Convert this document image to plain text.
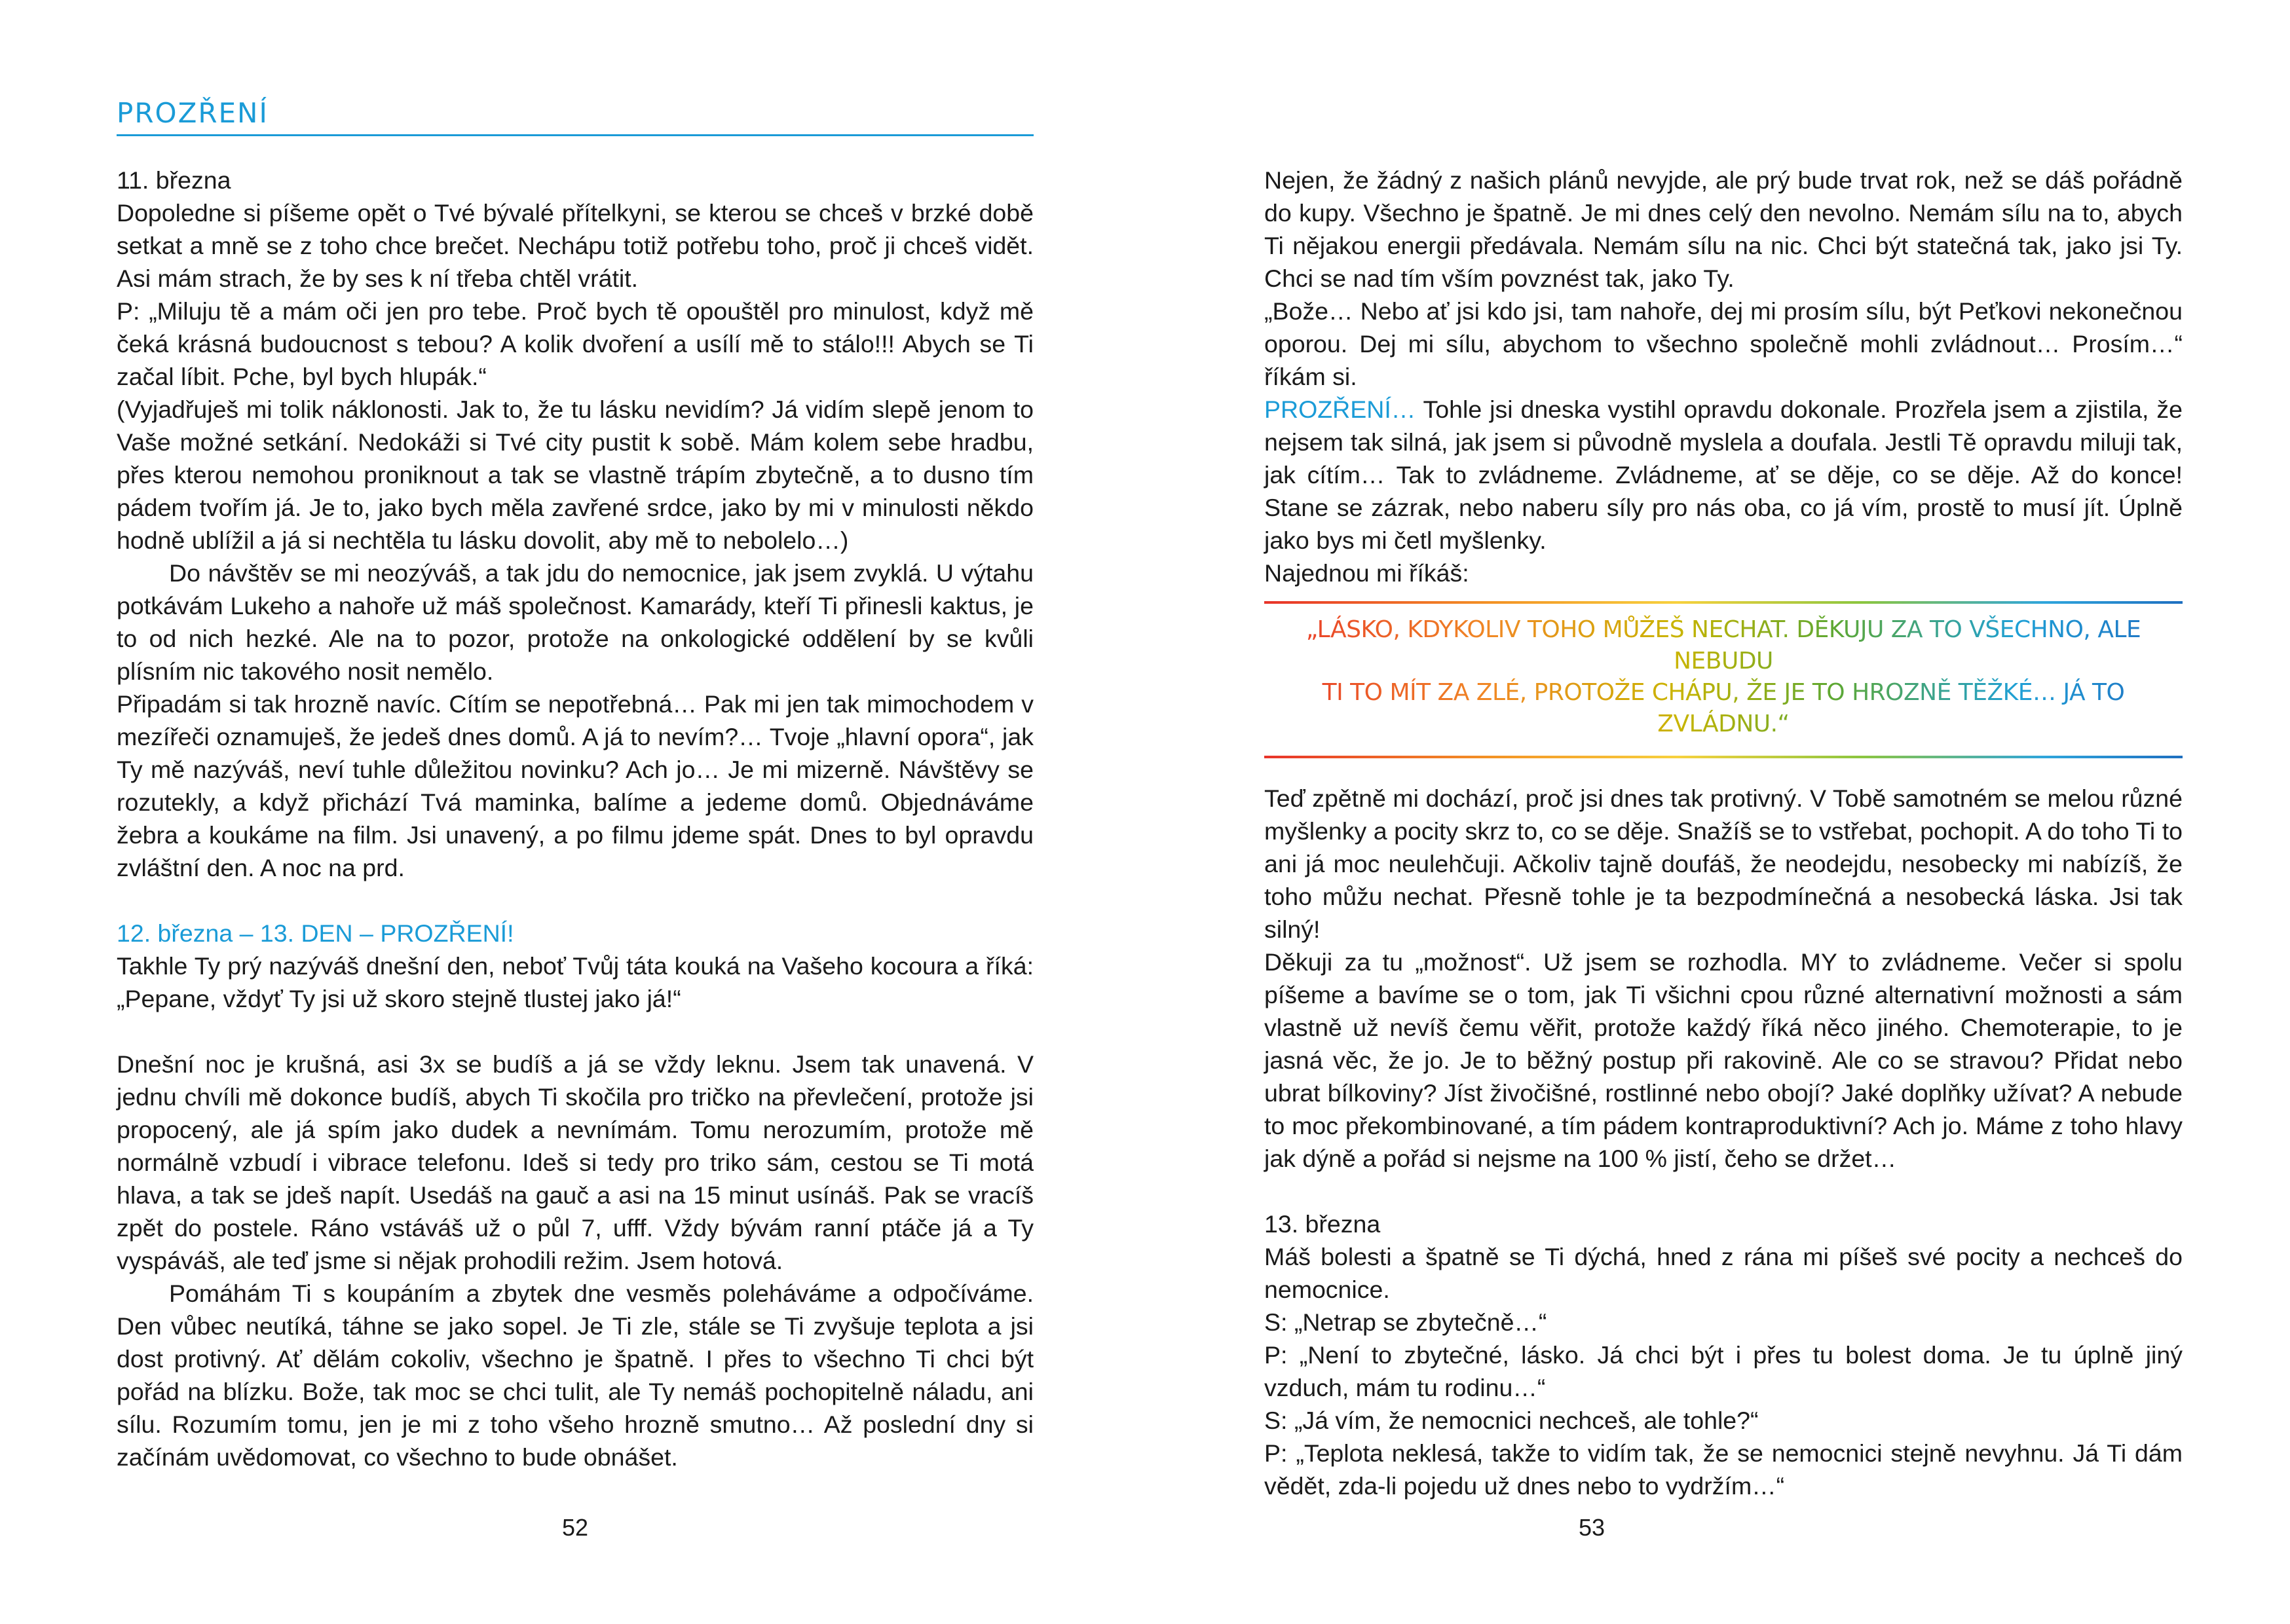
PROZŘENÍ

11. března

Dopoledne si píšeme opět o Tvé bývalé přítelkyni, se kterou se chceš v brzké době setkat a mně se z toho chce brečet. Nechápu totiž potřebu toho, proč ji chceš vidět. Asi mám strach, že by ses k ní třeba chtěl vrátit.

P: „Miluju tě a mám oči jen pro tebe. Proč bych tě opouštěl pro minulost, když mě čeká krásná budoucnost s tebou? A kolik dvoření a usílí mě to stálo!!! Abych se Ti začal líbit. Pche, byl bych hlupák.“

(Vyjadřuješ mi tolik náklonosti. Jak to, že tu lásku nevidím? Já vidím slepě jenom to Vaše možné setkání. Nedokáži si Tvé city pustit k sobě. Mám kolem sebe hradbu, přes kterou nemohou proniknout a tak se vlastně trápím zbytečně, a to dusno tím pádem tvořím já. Je to, jako bych měla zavřené srdce, jako by mi v minulosti někdo hodně ublížil a já si nechtěla tu lásku dovolit, aby mě to nebolelo…)

Do návštěv se mi neozýváš, a tak jdu do nemocnice, jak jsem zvyklá. U výtahu potkávám Lukeho a nahoře už máš společnost. Kamarády, kteří Ti přinesli kaktus, je to od nich hezké. Ale na to pozor, protože na onkologické oddělení by se kvůli plísním nic takového nosit nemělo.

Připadám si tak hrozně navíc. Cítím se nepotřebná… Pak mi jen tak mimochodem v mezířeči oznamuješ, že jedeš dnes domů. A já to nevím?… Tvoje „hlavní opora“, jak Ty mě nazýváš, neví tuhle důležitou novinku? Ach jo… Je mi mizerně. Návštěvy se rozutekly, a když přichází Tvá maminka, balíme a jedeme domů. Objednáváme žebra a koukáme na film. Jsi unavený, a po filmu jdeme spát. Dnes to byl opravdu zvláštní den. A noc na prd.

12. března – 13. DEN – PROZŘENÍ!

Takhle Ty prý nazýváš dnešní den, neboť Tvůj táta kouká na Vašeho kocoura a říká: „Pepane, vždyť Ty jsi už skoro stejně tlustej jako já!“

Dnešní noc je krušná, asi 3x se budíš a já se vždy leknu. Jsem tak unavená. V jednu chvíli mě dokonce budíš, abych Ti skočila pro tričko na převlečení, protože jsi propocený, ale já spím jako dudek a nevnímám. Tomu nerozumím, protože mě normálně vzbudí i vibrace telefonu. Ideš si tedy pro triko sám, cestou se Ti motá hlava, a tak se jdeš napít. Usedáš na gauč a asi na 15 minut usínáš. Pak se vracíš zpět do postele. Ráno vstáváš už o půl 7, ufff. Vždy bývám ranní ptáče já a Ty vyspáváš, ale teď jsme si nějak prohodili režim. Jsem hotová.

Pomáhám Ti s koupáním a zbytek dne vesměs poleháváme a odpočíváme. Den vůbec neutíká, táhne se jako sopel. Je Ti zle, stále se Ti zvyšuje teplota a jsi dost protivný. Ať dělám cokoliv, všechno je špatně. I přes to všechno Ti chci být pořád na blízku. Bože, tak moc se chci tulit, ale Ty nemáš pochopitelně náladu, ani sílu. Rozumím tomu, jen je mi z toho všeho hrozně smutno… Až poslední dny si začínám uvědomovat, co všechno to bude obnášet.

52

Nejen, že žádný z našich plánů nevyjde, ale prý bude trvat rok, než se dáš pořádně do kupy. Všechno je špatně. Je mi dnes celý den nevolno. Nemám sílu na to, abych Ti nějakou energii předávala. Nemám sílu na nic. Chci být statečná tak, jako jsi Ty. Chci se nad tím vším povznést tak, jako Ty.

„Bože… Nebo ať jsi kdo jsi, tam nahoře, dej mi prosím sílu, být Peťkovi nekonečnou oporou. Dej mi sílu, abychom to všechno společně mohli zvládnout… Prosím…“ říkám si.

PROZŘENÍ… Tohle jsi dneska vystihl opravdu dokonale. Prozřela jsem a zjistila, že nejsem tak silná, jak jsem si původně myslela a doufala. Jestli Tě opravdu miluji tak, jak cítím… Tak to zvládneme. Zvládneme, ať se děje, co se děje. Až do konce! Stane se zázrak, nebo naberu síly pro nás oba, co já vím, prostě to musí jít. Úplně jako bys mi četl myšlenky.

Najednou mi říkáš:

„LÁSKO, KDYKOLIV TOHO MŮŽEŠ NECHAT. DĚKUJU ZA TO VŠECHNO, ALE NEBUDU
TI TO MÍT ZA ZLÉ, PROTOŽE CHÁPU, ŽE JE TO HROZNĚ TĚŽKÉ… JÁ TO ZVLÁDNU.“

Teď zpětně mi dochází, proč jsi dnes tak protivný. V Tobě samotném se melou různé myšlenky a pocity skrz to, co se děje. Snažíš se to vstřebat, pochopit. A do toho Ti to ani já moc neulehčuji. Ačkoliv tajně doufáš, že neodejdu, nesobecky mi nabízíš, že toho můžu nechat. Přesně tohle je ta bezpodmínečná a nesobecká láska. Jsi tak silný!

Děkuji za tu „možnost“. Už jsem se rozhodla. MY to zvládneme. Večer si spolu píšeme a bavíme se o tom, jak Ti všichni cpou různé alternativní možnosti a sám vlastně už nevíš čemu věřit, protože každý říká něco jiného. Chemoterapie, to je jasná věc, že jo. Je to běžný postup při rakovině. Ale co se stravou? Přidat nebo ubrat bílkoviny? Jíst živočišné, rostlinné nebo obojí? Jaké doplňky užívat? A nebude to moc překombinované, a tím pádem kontraproduktivní? Ach jo. Máme z toho hlavy jak dýně a pořád si nejsme na 100 % jistí, čeho se držet…

13. března

Máš bolesti a špatně se Ti dýchá, hned z rána mi píšeš své pocity a nechceš do nemocnice.

S: „Netrap se zbytečně…“

P: „Není to zbytečné, lásko. Já chci být i přes tu bolest doma. Je tu úplně jiný vzduch, mám tu rodinu…“

S: „Já vím, že nemocnici nechceš, ale tohle?“

P: „Teplota neklesá, takže to vidím tak, že se nemocnici stejně nevyhnu. Já Ti dám vědět, zda-li pojedu už dnes nebo to vydržím…“

53
